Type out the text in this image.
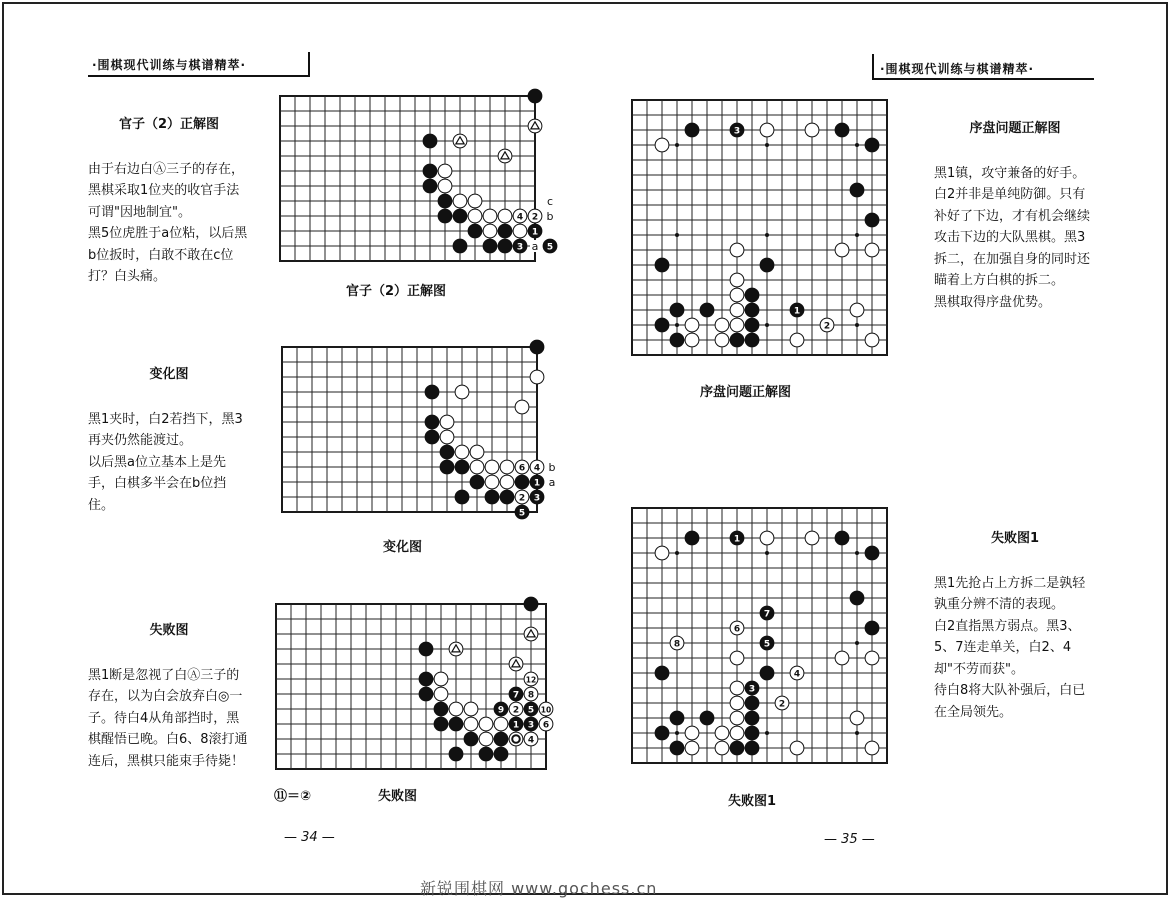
·围棋现代训练与棋谱精萃·	·围棋现代训练与棋谱精萃·

官子（2）正解图

由于右边白Ⓐ三子的存在，黑棋采取1位夹的收官手法可谓"因地制宜"。
黑5位虎胜于a位粘，以后黑b位扳时，白敢不敢在c位打？白头痛。

变化图

黑1夹时，白2若挡下，黑3再夹仍然能渡过。
以后黑a位立基本上是先手，白棋多半会在b位挡住。

失败图

黑1断是忽视了白Ⓐ三子的存在，以为白会放弃白◎一子。待白4从角部挡时，黑棋醒悟已晚。白6、8滚打通连后，黑棋只能束手待毙！

序盘问题正解图

黑1镇，攻守兼备的好手。
白2并非是单纯防御。只有补好了下边，才有机会继续攻击下边的大队黑棋。黑3拆二，在加强自身的同时还瞄着上方白棋的拆二。
黑棋取得序盘优势。

失败图1

黑1先抢占上方拆二是孰轻孰重分辨不清的表现。
白2直指黑方弱点。黑3、5、7连走单关，白2、4却"不劳而获"。
待白8将大队补强后，白已在全局领先。

4 2 b
c
1
3 a 5
6 4 b
1 a
2 3
5
12
7 8
9 2 5 10
1 3 6
4
3
1
2
1
7
6
8	5
4
3
2
官子（2）正解图
变化图
⑪＝②	失败图
序盘问题正解图
失败图1
— 34 —	— 35 —
新锐围棋网 www.gochess.cn
